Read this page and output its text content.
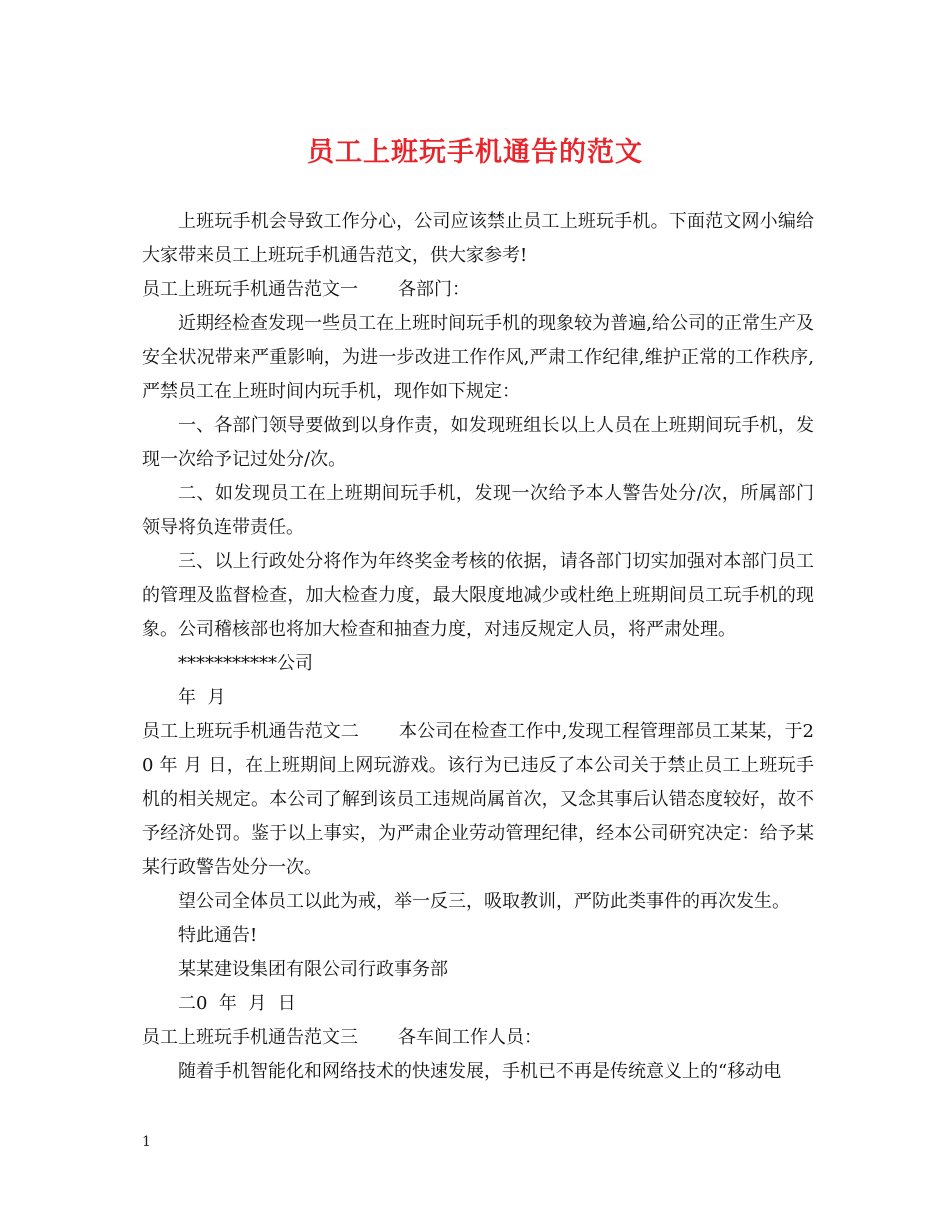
员工上班玩手机通告的范文

上班玩手机会导致工作分心，公司应该禁止员工上班玩手机。下面范文网小编给大家带来员工上班玩手机通告范文，供大家参考!

员工上班玩手机通告范文一 各部门：

近期经检查发现一些员工在上班时间玩手机的现象较为普遍,给公司的正常生产及安全状况带来严重影响，为进一步改进工作作风,严肃工作纪律,维护正常的工作秩序,严禁员工在上班时间内玩手机，现作如下规定：

一、各部门领导要做到以身作责，如发现班组长以上人员在上班期间玩手机，发现一次给予记过处分/次。

二、如发现员工在上班期间玩手机，发现一次给予本人警告处分/次，所属部门领导将负连带责任。

三、以上行政处分将作为年终奖金考核的依据，请各部门切实加强对本部门员工的管理及监督检查，加大检查力度，最大限度地减少或杜绝上班期间员工玩手机的现象。公司稽核部也将加大检查和抽查力度，对违反规定人员，将严肃处理。

***********公司

年  月

员工上班玩手机通告范文二 本公司在检查工作中,发现工程管理部员工某某，于20 年 月 日，在上班期间上网玩游戏。该行为已违反了本公司关于禁止员工上班玩手机的相关规定。本公司了解到该员工违规尚属首次，又念其事后认错态度较好，故不予经济处罚。鉴于以上事实，为严肃企业劳动管理纪律，经本公司研究决定：给予某某行政警告处分一次。

望公司全体员工以此为戒，举一反三，吸取教训，严防此类事件的再次发生。

特此通告!

某某建设集团有限公司行政事务部

二0  年  月  日

员工上班玩手机通告范文三 各车间工作人员：

随着手机智能化和网络技术的快速发展，手机已不再是传统意义上的“移动电

1
